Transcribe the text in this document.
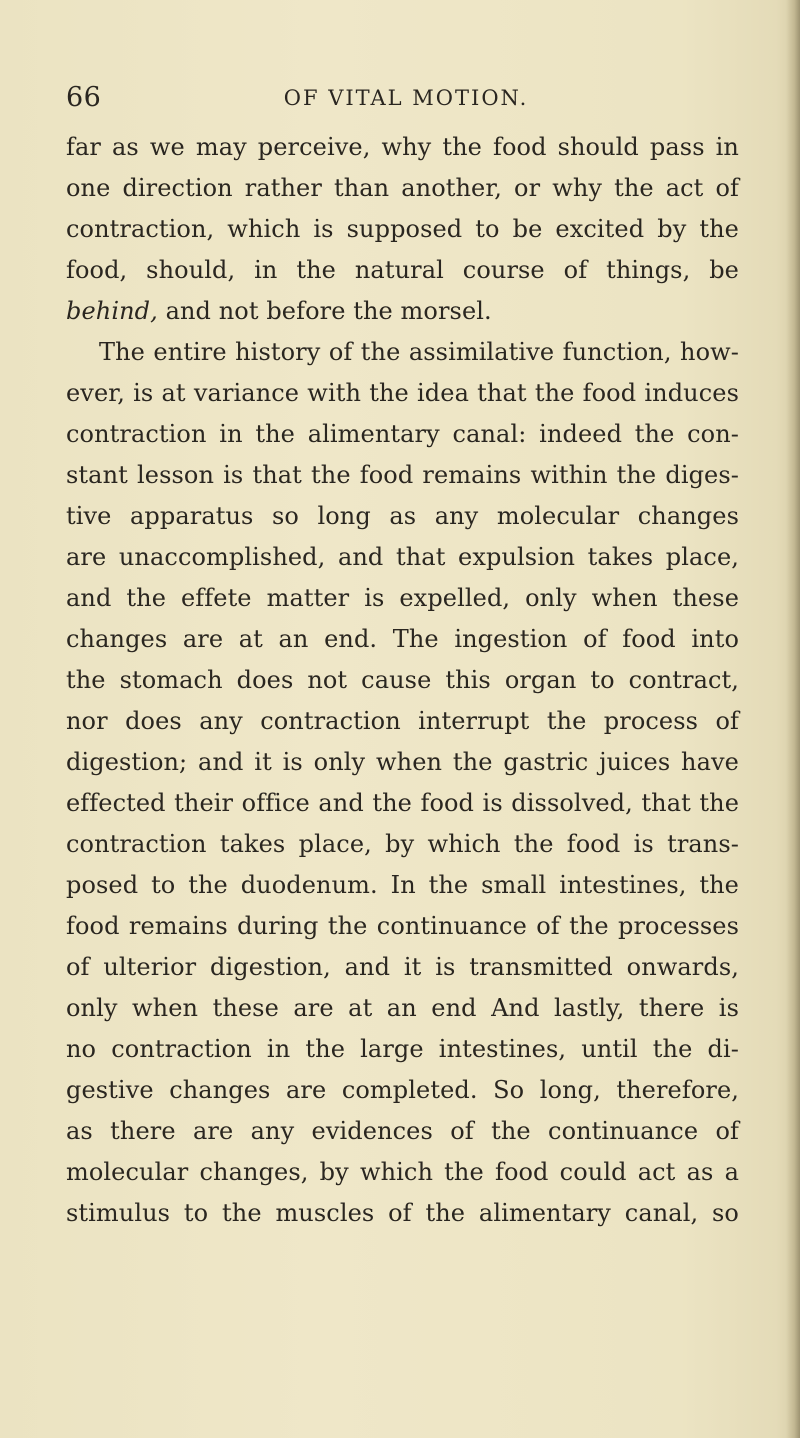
66	OF VITAL MOTION.
far as we may perceive, why the food should pass in
one direction rather than another, or why the act of
contraction, which is supposed to be excited by the
food, should, in the natural course of things, be
behind, and not before the morsel.
The entire history of the assimilative function, how-
ever, is at variance with the idea that the food induces
contraction in the alimentary canal: indeed the con-
stant lesson is that the food remains within the diges-
tive apparatus so long as any molecular changes
are unaccomplished, and that expulsion takes place,
and the effete matter is expelled, only when these
changes are at an end. The ingestion of food into
the stomach does not cause this organ to contract,
nor does any contraction interrupt the process of
digestion; and it is only when the gastric juices have
effected their office and the food is dissolved, that the
contraction takes place, by which the food is trans-
posed to the duodenum. In the small intestines, the
food remains during the continuance of the processes
of ulterior digestion, and it is transmitted onwards,
only when these are at an end And lastly, there is
no contraction in the large intestines, until the di-
gestive changes are completed. So long, therefore,
as there are any evidences of the continuance of
molecular changes, by which the food could act as a
stimulus to the muscles of the alimentary canal, so
